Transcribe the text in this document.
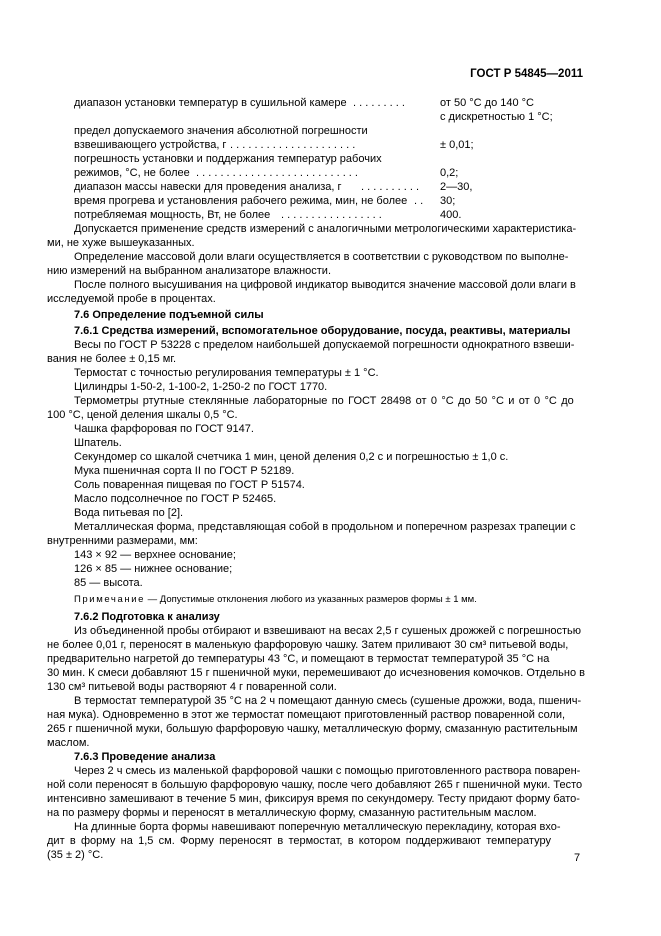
ГОСТ Р 54845—2011
диапазон установки температур в сушильной камере . . . . . . . . .	от 50 °С до 140 °С
с дискретностью 1 °С;
предел допускаемого значения абсолютной погрешности
взвешивающего устройства, г . . . . . . . . . . . . . . . . . . . . .	± 0,01;
погрешность установки и поддержания температур рабочих
режимов, °С, не более . . . . . . . . . . . . . . . . . . . . . . . . . . .	0,2;
диапазон массы навески для проведения анализа, г . . . . . . . . . . 2—30,
время прогрева и установления рабочего режима, мин, не более . . 30;
потребляемая мощность, Вт, не более . . . . . . . . . . . . . . . . .	400.

Допускается применение средств измерений с аналогичными метрологическими характеристика-

ми, не хуже вышеуказанных.

Определение массовой доли влаги осуществляется в соответствии с руководством по выполне-

нию измерений на выбранном анализаторе влажности.

После полного высушивания на цифровой индикатор выводится значение массовой доли влаги в

исследуемой пробе в процентах.

7.6 Определение подъемной силы

7.6.1 Средства измерений, вспомогательное оборудование, посуда, реактивы, материалы

Весы по ГОСТ Р 53228 с пределом наибольшей допускаемой погрешности однократного взвеши-

вания не более ± 0,15 мг.

Термостат с точностью регулирования температуры ± 1 °С.

Цилиндры 1-50-2, 1-100-2, 1-250-2 по ГОСТ 1770.

Термометры ртутные стеклянные лабораторные по ГОСТ 28498 от 0 °С до 50 °С и от 0 °С до

100 °С, ценой деления шкалы 0,5 °С.

Чашка фарфоровая по ГОСТ 9147.

Шпатель.

Секундомер со шкалой счетчика 1 мин, ценой деления 0,2 с и погрешностью ± 1,0 с.

Мука пшеничная сорта II по ГОСТ Р 52189.

Соль поваренная пищевая по ГОСТ Р 51574.

Масло подсолнечное по ГОСТ Р 52465.

Вода питьевая по [2].

Металлическая форма, представляющая собой в продольном и поперечном разрезах трапеции с

внутренними размерами, мм:

143 × 92 — верхнее основание;

126 × 85 — нижнее основание;

85 — высота.

Примечание — Допустимые отклонения любого из указанных размеров формы ± 1 мм.

7.6.2 Подготовка к анализу

Из объединенной пробы отбирают и взвешивают на весах 2,5 г сушеных дрожжей с погрешностью

не более 0,01 г, переносят в маленькую фарфоровую чашку. Затем приливают 30 см³ питьевой воды,

предварительно нагретой до температуры 43 °С, и помещают в термостат температурой 35 °С на

30 мин. К смеси добавляют 15 г пшеничной муки, перемешивают до исчезновения комочков. Отдельно в

130 см³ питьевой воды растворяют 4 г поваренной соли.

В термостат температурой 35 °С на 2 ч помещают данную смесь (сушеные дрожжи, вода, пшенич-

ная мука). Одновременно в этот же термостат помещают приготовленный раствор поваренной соли,

265 г пшеничной муки, большую фарфоровую чашку, металлическую форму, смазанную растительным

маслом.

7.6.3 Проведение анализа

Через 2 ч смесь из маленькой фарфоровой чашки с помощью приготовленного раствора поварен-

ной соли переносят в большую фарфоровую чашку, после чего добавляют 265 г пшеничной муки. Тесто

интенсивно замешивают в течение 5 мин, фиксируя время по секундомеру. Тесту придают форму бато-

на по размеру формы и переносят в металлическую форму, смазанную растительным маслом.

На длинные борта формы навешивают поперечную металлическую перекладину, которая вхо-

дит в форму на 1,5 см. Форму переносят в термостат, в котором поддерживают температуру

(35 ± 2) °С.	7
